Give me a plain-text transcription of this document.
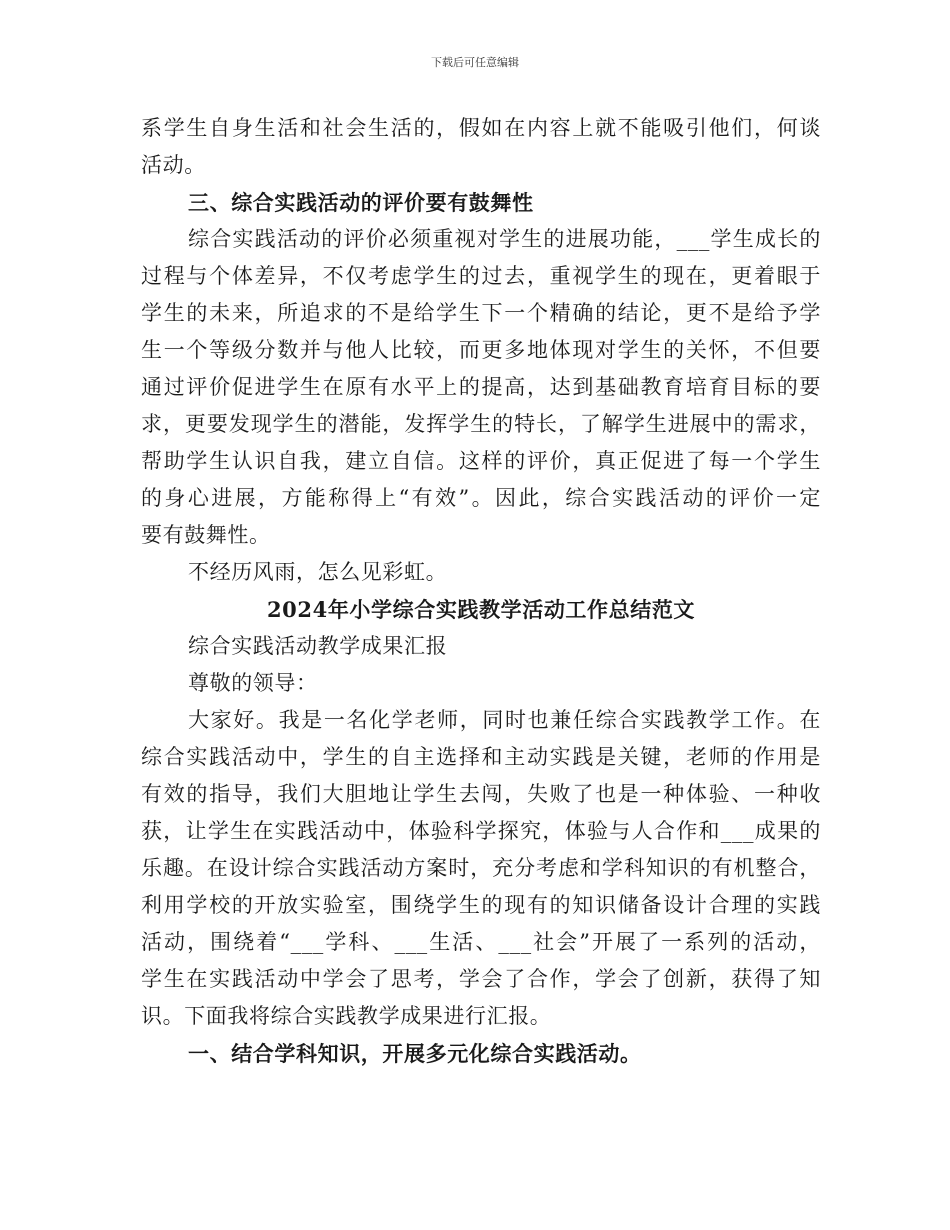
下载后可任意编辑
系学生自身生活和社会生活的，假如在内容上就不能吸引他们，何谈
活动。
三、综合实践活动的评价要有鼓舞性
综合实践活动的评价必须重视对学生的进展功能，___学生成长的
过程与个体差异，不仅考虑学生的过去，重视学生的现在，更着眼于
学生的未来，所追求的不是给学生下一个精确的结论，更不是给予学
生一个等级分数并与他人比较，而更多地体现对学生的关怀，不但要
通过评价促进学生在原有水平上的提高，达到基础教育培育目标的要
求，更要发现学生的潜能，发挥学生的特长，了解学生进展中的需求，
帮助学生认识自我，建立自信。这样的评价，真正促进了每一个学生
的身心进展，方能称得上“有效”。因此，综合实践活动的评价一定
要有鼓舞性。
不经历风雨，怎么见彩虹。
2024年小学综合实践教学活动工作总结范文
综合实践活动教学成果汇报
尊敬的领导：
大家好。我是一名化学老师，同时也兼任综合实践教学工作。在
综合实践活动中，学生的自主选择和主动实践是关键，老师的作用是
有效的指导，我们大胆地让学生去闯，失败了也是一种体验、一种收
获，让学生在实践活动中，体验科学探究，体验与人合作和___成果的
乐趣。在设计综合实践活动方案时，充分考虑和学科知识的有机整合，
利用学校的开放实验室，围绕学生的现有的知识储备设计合理的实践
活动，围绕着“___学科、___生活、___社会”开展了一系列的活动，
学生在实践活动中学会了思考，学会了合作，学会了创新，获得了知
识。下面我将综合实践教学成果进行汇报。
一、结合学科知识，开展多元化综合实践活动。
